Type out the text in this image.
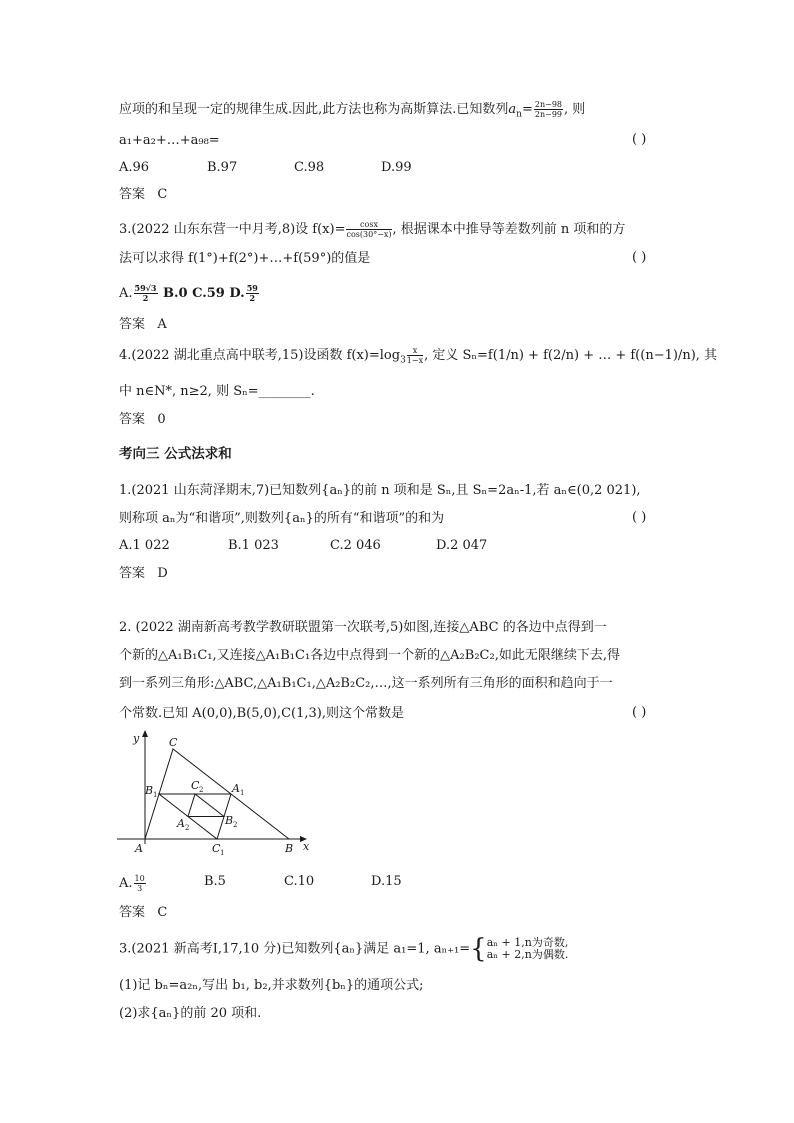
应项的和呈现一定的规律生成.因此,此方法也称为高斯算法.已知数列$a_n= \frac{2n-98}{2n-99}$ , 则
a₁+a₂+…+a₉₈=	( )
A.96	B.97	C.98	D.99
答案 C
3.(2022 山东东营一中月考,8)设 $f(x)= \frac{\cos x}{\cos(30^\circ-x)}$ , 根据课本中推导等差数列前 n 项和的方
法可以求得 f(1°)+f(2°)+…+f(59°)的值是	( )
A. $\frac{59√3}{2} B.0$ C.59 D. $\frac{59}{2}$
答案 A
4.(2022 湖北重点高中联考,15)设函数 $f(x)=\log_3 \frac{x}{1-x}$ , 定义 Sₙ=f(1/n) + f(2/n) + … + f((n−1)/n), 其
中 n∈N*, n≥2, 则 Sₙ=________.
答案 0
考向三 公式法求和
1.(2021 山东菏泽期末,7)已知数列{aₙ}的前 n 项和是 Sₙ,且 Sₙ=2aₙ-1,若 aₙ∈(0,2 021),
则称项 aₙ为“和谐项”,则数列{aₙ}的所有“和谐项”的和为	( )
A.1 022	B.1 023	C.2 046	D.2 047
答案 D
2. (2022 湖南新高考教学教研联盟第一次联考,5)如图,连接△ABC 的各边中点得到一
个新的△A₁B₁C₁,又连接△A₁B₁C₁各边中点得到一个新的△A₂B₂C₂,如此无限继续下去,得
到一系列三角形:△ABC,△A₁B₁C₁,△A₂B₂C₂,…,这一系列所有三角形的面积和趋向于一
个常数.已知 A(0,0),B(5,0),C(1,3),则这个常数是	( )
y
x
A	B
C
B 1	A 1
C 1
C 2
A 2
B 2
A. $\frac{10}{3}$	B.5	C.10	D.15
答案 C
3.(2021 新高考Ⅰ,17,10 分)已知数列{aₙ}满足 a₁=1, aₙ₊₁={ aₙ + 1,n为奇数,
aₙ + 2,n为偶数.
(1)记 bₙ=a₂ₙ,写出 b₁, b₂,并求数列{bₙ}的通项公式;
(2)求{aₙ}的前 20 项和.
